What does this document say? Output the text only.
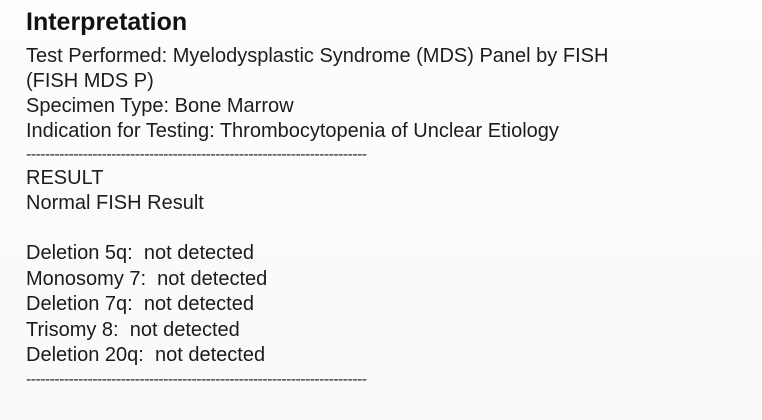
Interpretation

Test Performed: Myelodysplastic Syndrome (MDS) Panel by FISH

(FISH MDS P)

Specimen Type: Bone Marrow

Indication for Testing: Thrombocytopenia of Unclear Etiology

------------------------------------------------------------------------

RESULT

Normal FISH Result

Deletion 5q:  not detected

Monosomy 7:  not detected

Deletion 7q:  not detected

Trisomy 8:  not detected

Deletion 20q:  not detected

------------------------------------------------------------------------
